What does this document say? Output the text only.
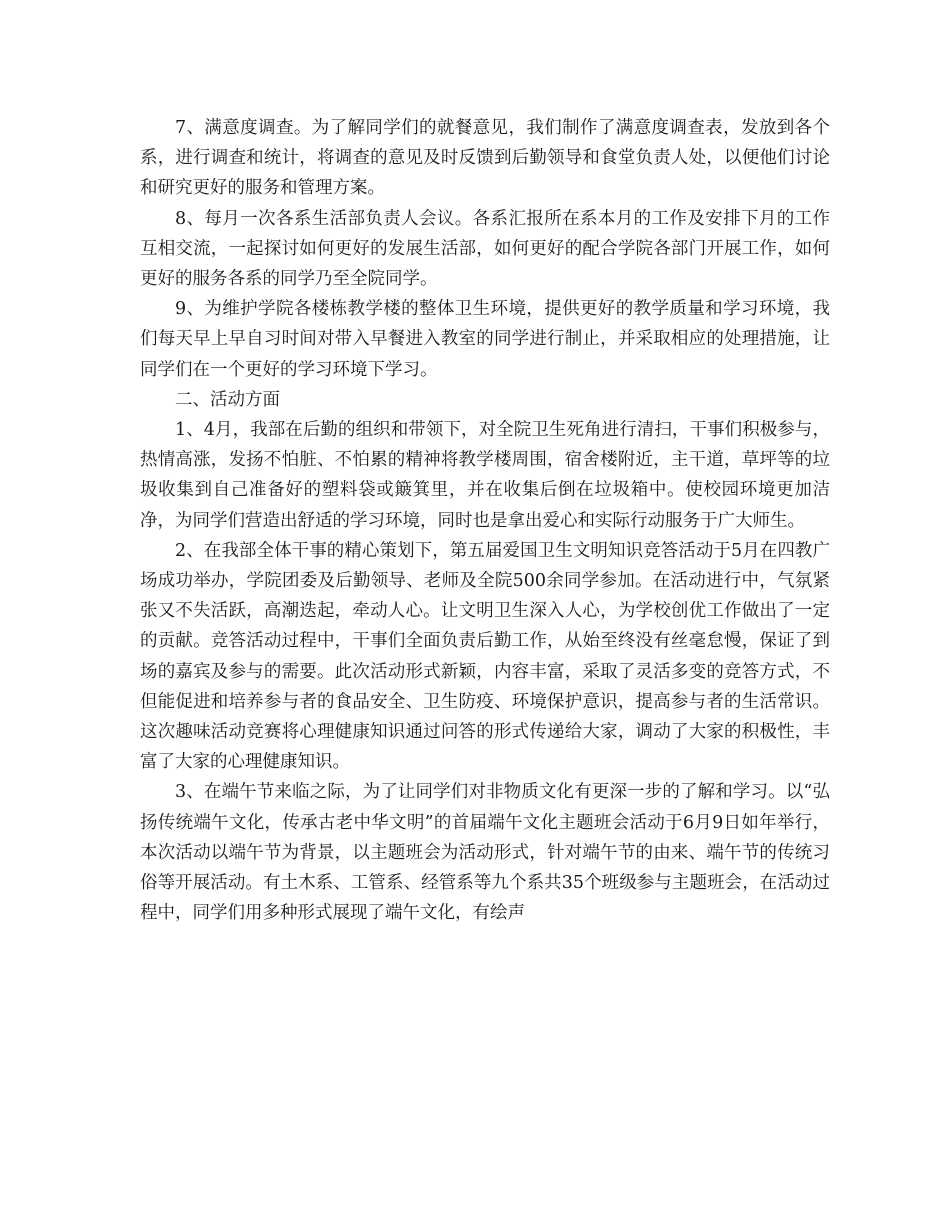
7、满意度调查。为了解同学们的就餐意见，我们制作了满意度调查表，发放到各个系，进行调查和统计，将调查的意见及时反馈到后勤领导和食堂负责人处，以便他们讨论和研究更好的服务和管理方案。

8、每月一次各系生活部负责人会议。各系汇报所在系本月的工作及安排下月的工作互相交流，一起探讨如何更好的发展生活部，如何更好的配合学院各部门开展工作，如何更好的服务各系的同学乃至全院同学。

9、为维护学院各楼栋教学楼的整体卫生环境，提供更好的教学质量和学习环境，我们每天早上早自习时间对带入早餐进入教室的同学进行制止，并采取相应的处理措施，让同学们在一个更好的学习环境下学习。

二、活动方面

1、4月，我部在后勤的组织和带领下，对全院卫生死角进行清扫，干事们积极参与，热情高涨，发扬不怕脏、不怕累的精神将教学楼周围，宿舍楼附近，主干道，草坪等的垃圾收集到自己准备好的塑料袋或簸箕里，并在收集后倒在垃圾箱中。使校园环境更加洁净，为同学们营造出舒适的学习环境，同时也是拿出爱心和实际行动服务于广大师生。

2、在我部全体干事的精心策划下，第五届爱国卫生文明知识竞答活动于5月在四教广场成功举办，学院团委及后勤领导、老师及全院500余同学参加。在活动进行中，气氛紧张又不失活跃，高潮迭起，牵动人心。让文明卫生深入人心，为学校创优工作做出了一定的贡献。竞答活动过程中，干事们全面负责后勤工作，从始至终没有丝毫怠慢，保证了到场的嘉宾及参与的需要。此次活动形式新颖，内容丰富，采取了灵活多变的竞答方式，不但能促进和培养参与者的食品安全、卫生防疫、环境保护意识，提高参与者的生活常识。这次趣味活动竞赛将心理健康知识通过问答的形式传递给大家，调动了大家的积极性，丰富了大家的心理健康知识。

3、在端午节来临之际，为了让同学们对非物质文化有更深一步的了解和学习。以“弘扬传统端午文化，传承古老中华文明”的首届端午文化主题班会活动于6月9日如年举行，本次活动以端午节为背景，以主题班会为活动形式，针对端午节的由来、端午节的传统习俗等开展活动。有土木系、工管系、经管系等九个系共35个班级参与主题班会，在活动过程中，同学们用多种形式展现了端午文化，有绘声
